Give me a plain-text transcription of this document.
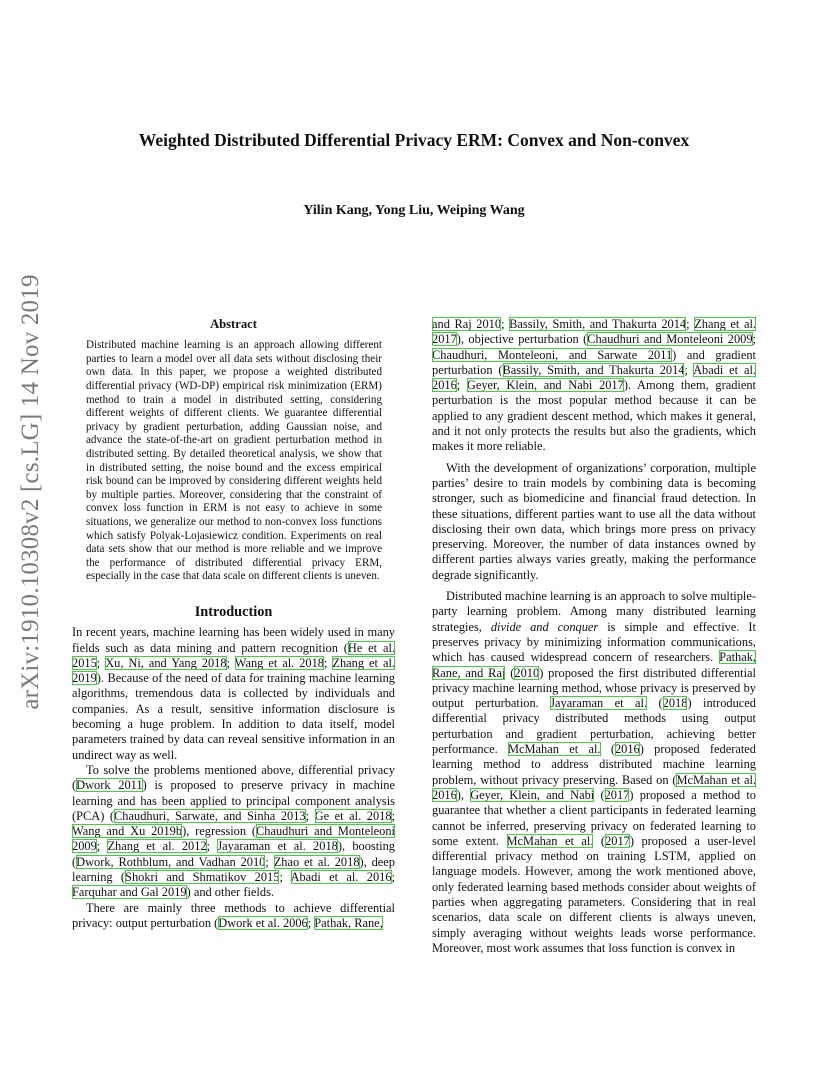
arXiv:1910.10308v2 [cs.LG] 14 Nov 2019
Weighted Distributed Differential Privacy ERM: Convex and Non-convex
Yilin Kang, Yong Liu, Weiping Wang

Abstract

Distributed machine learning is an approach allowing different parties to learn a model over all data sets without disclosing their own data. In this paper, we propose a weighted distributed differential privacy (WD-DP) empirical risk minimization (ERM) method to train a model in distributed setting, considering different weights of different clients. We guarantee differential privacy by gradient perturbation, adding Gaussian noise, and advance the state-of-the-art on gradient perturbation method in distributed setting. By detailed theoretical analysis, we show that in distributed setting, the noise bound and the excess empirical risk bound can be improved by considering different weights held by multiple parties. Moreover, considering that the constraint of convex loss function in ERM is not easy to achieve in some situations, we generalize our method to non-convex loss functions which satisfy Polyak-Lojasiewicz condition. Experiments on real data sets show that our method is more reliable and we improve the performance of distributed differential privacy ERM, especially in the case that data scale on different clients is uneven.

Introduction

In recent years, machine learning has been widely used in many fields such as data mining and pattern recognition (He et al. 2015; Xu, Ni, and Yang 2018; Wang et al. 2018; Zhang et al. 2019). Because of the need of data for training machine learning algorithms, tremendous data is collected by individuals and companies. As a result, sensitive information disclosure is becoming a huge problem. In addition to data itself, model parameters trained by data can reveal sensitive information in an undirect way as well.

To solve the problems mentioned above, differential privacy (Dwork 2011) is proposed to preserve privacy in machine learning and has been applied to principal component analysis (PCA) (Chaudhuri, Sarwate, and Sinha 2013; Ge et al. 2018; Wang and Xu 2019b), regression (Chaudhuri and Monteleoni 2009; Zhang et al. 2012; Jayaraman et al. 2018), boosting (Dwork, Rothblum, and Vadhan 2010; Zhao et al. 2018), deep learning (Shokri and Shmatikov 2015; Abadi et al. 2016; Farquhar and Gal 2019) and other fields.

There are mainly three methods to achieve differential privacy: output perturbation (Dwork et al. 2006; Pathak, Rane,

and Raj 2010; Bassily, Smith, and Thakurta 2014; Zhang et al. 2017), objective perturbation (Chaudhuri and Monteleoni 2009; Chaudhuri, Monteleoni, and Sarwate 2011) and gradient perturbation (Bassily, Smith, and Thakurta 2014; Abadi et al. 2016; Geyer, Klein, and Nabi 2017). Among them, gradient perturbation is the most popular method because it can be applied to any gradient descent method, which makes it general, and it not only protects the results but also the gradients, which makes it more reliable.

With the development of organizations’ corporation, multiple parties’ desire to train models by combining data is becoming stronger, such as biomedicine and financial fraud detection. In these situations, different parties want to use all the data without disclosing their own data, which brings more press on privacy preserving. Moreover, the number of data instances owned by different parties always varies greatly, making the performance degrade significantly.

Distributed machine learning is an approach to solve multiple-party learning problem. Among many distributed learning strategies, divide and conquer is simple and effective. It preserves privacy by minimizing information communications, which has caused widespread concern of researchers. Pathak, Rane, and Raj (2010) proposed the first distributed differential privacy machine learning method, whose privacy is preserved by output perturbation. Jayaraman et al. (2018) introduced differential privacy distributed methods using output perturbation and gradient perturbation, achieving better performance. McMahan et al. (2016) proposed federated learning method to address distributed machine learning problem, without privacy preserving. Based on (McMahan et al. 2016), Geyer, Klein, and Nabi (2017) proposed a method to guarantee that whether a client participants in federated learning cannot be inferred, preserving privacy on federated learning to some extent. McMahan et al. (2017) proposed a user-level differential privacy method on training LSTM, applied on language models. However, among the work mentioned above, only federated learning based methods consider about weights of parties when aggregating parameters. Considering that in real scenarios, data scale on different clients is always uneven, simply averaging without weights leads worse performance. Moreover, most work assumes that loss function is convex in
